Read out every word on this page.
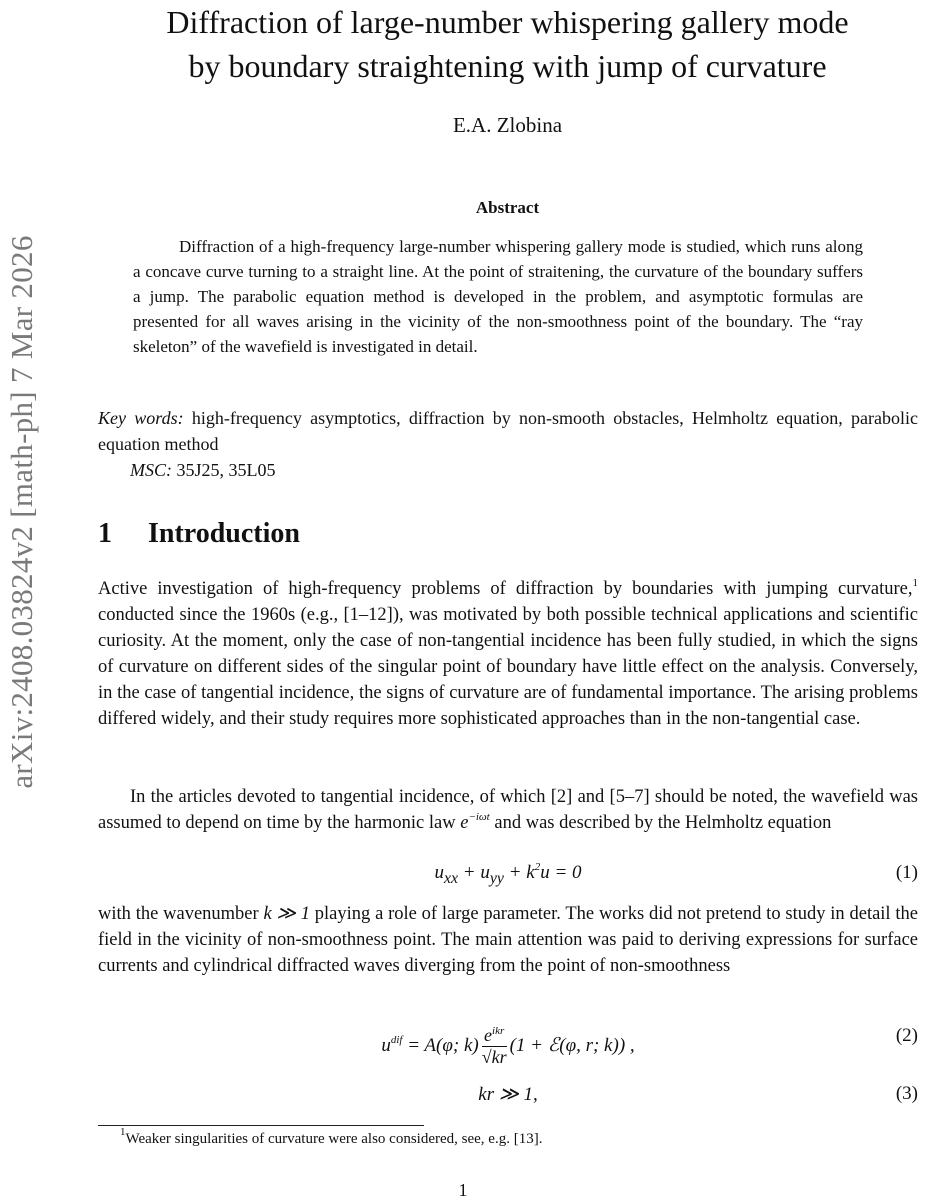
arXiv:2408.03824v2 [math-ph] 7 Mar 2026
Diffraction of large-number whispering gallery mode
by boundary straightening with jump of curvature
E.A. Zlobina
Abstract

Diffraction of a high-frequency large-number whispering gallery mode is studied, which runs along a concave curve turning to a straight line. At the point of straitening, the curvature of the boundary suffers a jump. The parabolic equation method is developed in the problem, and asymptotic formulas are presented for all waves arising in the vicinity of the non-smoothness point of the boundary. The “ray skeleton” of the wavefield is investigated in detail.

Key words: high-frequency asymptotics, diffraction by non-smooth obstacles, Helmholtz equation, parabolic equation method

MSC: 35J25, 35L05
1 Introduction

Active investigation of high-frequency problems of diffraction by boundaries with jumping curvature,$^1$ conducted since the 1960s (e.g., [1–12]), was motivated by both possible technical applications and scientific curiosity. At the moment, only the case of non-tangential incidence has been fully studied, in which the signs of curvature on different sides of the singular point of boundary have little effect on the analysis. Conversely, in the case of tangential incidence, the signs of curvature are of fundamental importance. The arising problems differed widely, and their study requires more sophisticated approaches than in the non-tangential case.

In the articles devoted to tangential incidence, of which [2] and [5–7] should be noted, the wavefield was assumed to depend on time by the harmonic law $e^{-i\omega t}$ and was described by the Helmholtz equation

$u_{xx} + u_{yy} + k^2u = 0$	(1)

with the wavenumber k ≫ 1 playing a role of large parameter. The works did not pretend to study in detail the field in the vicinity of non-smoothness point. The main attention was paid to deriving expressions for surface currents and cylindrical diffracted waves diverging from the point of non-smoothness

$u^{dif} = A(\varphi$; $k) \frac{e^{ikr}}{√kr} (1$ + ℰ(φ, r; k)) ,	(2)
kr ≫ 1,	(3)
$^1$Weaker singularities of curvature were also considered, see, e.g. [13].
1
